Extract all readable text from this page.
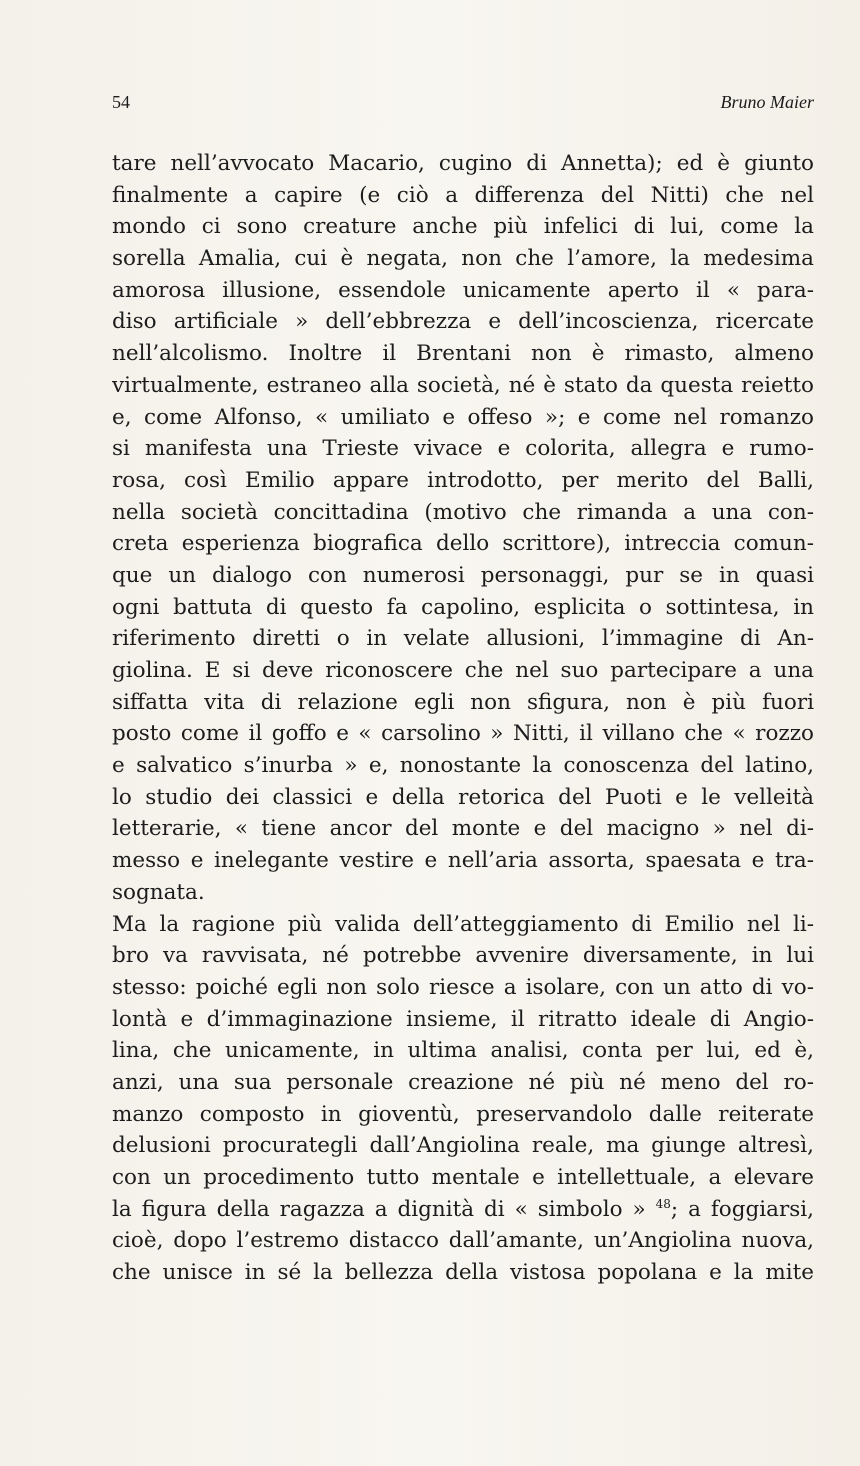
54	Bruno Maier
tare nell’avvocato Macario, cugino di Annetta); ed è giunto
finalmente a capire (e ciò a differenza del Nitti) che nel
mondo ci sono creature anche più infelici di lui, come la
sorella Amalia, cui è negata, non che l’amore, la medesima
amorosa illusione, essendole unicamente aperto il « para-
diso artificiale » dell’ebbrezza e dell’incoscienza, ricercate
nell’alcolismo. Inoltre il Brentani non è rimasto, almeno
virtualmente, estraneo alla società, né è stato da questa reietto
e, come Alfonso, « umiliato e offeso »; e come nel romanzo
si manifesta una Trieste vivace e colorita, allegra e rumo-
rosa, così Emilio appare introdotto, per merito del Balli,
nella società concittadina (motivo che rimanda a una con-
creta esperienza biografica dello scrittore), intreccia comun-
que un dialogo con numerosi personaggi, pur se in quasi
ogni battuta di questo fa capolino, esplicita o sottintesa, in
riferimento diretti o in velate allusioni, l’immagine di An-
giolina. E si deve riconoscere che nel suo partecipare a una
siffatta vita di relazione egli non sfigura, non è più fuori
posto come il goffo e « carsolino » Nitti, il villano che « rozzo
e salvatico s’inurba » e, nonostante la conoscenza del latino,
lo studio dei classici e della retorica del Puoti e le velleità
letterarie, « tiene ancor del monte e del macigno » nel di-
messo e inelegante vestire e nell’aria assorta, spaesata e tra-
sognata.
Ma la ragione più valida dell’atteggiamento di Emilio nel li-
bro va ravvisata, né potrebbe avvenire diversamente, in lui
stesso: poiché egli non solo riesce a isolare, con un atto di vo-
lontà e d’immaginazione insieme, il ritratto ideale di Angio-
lina, che unicamente, in ultima analisi, conta per lui, ed è,
anzi, una sua personale creazione né più né meno del ro-
manzo composto in gioventù, preservandolo dalle reiterate
delusioni procurategli dall’Angiolina reale, ma giunge altresì,
con un procedimento tutto mentale e intellettuale, a elevare
la figura della ragazza a dignità di « simbolo » $^{48}$; a foggiarsi,
cioè, dopo l’estremo distacco dall’amante, un’Angiolina nuova,
che unisce in sé la bellezza della vistosa popolana e la mite
